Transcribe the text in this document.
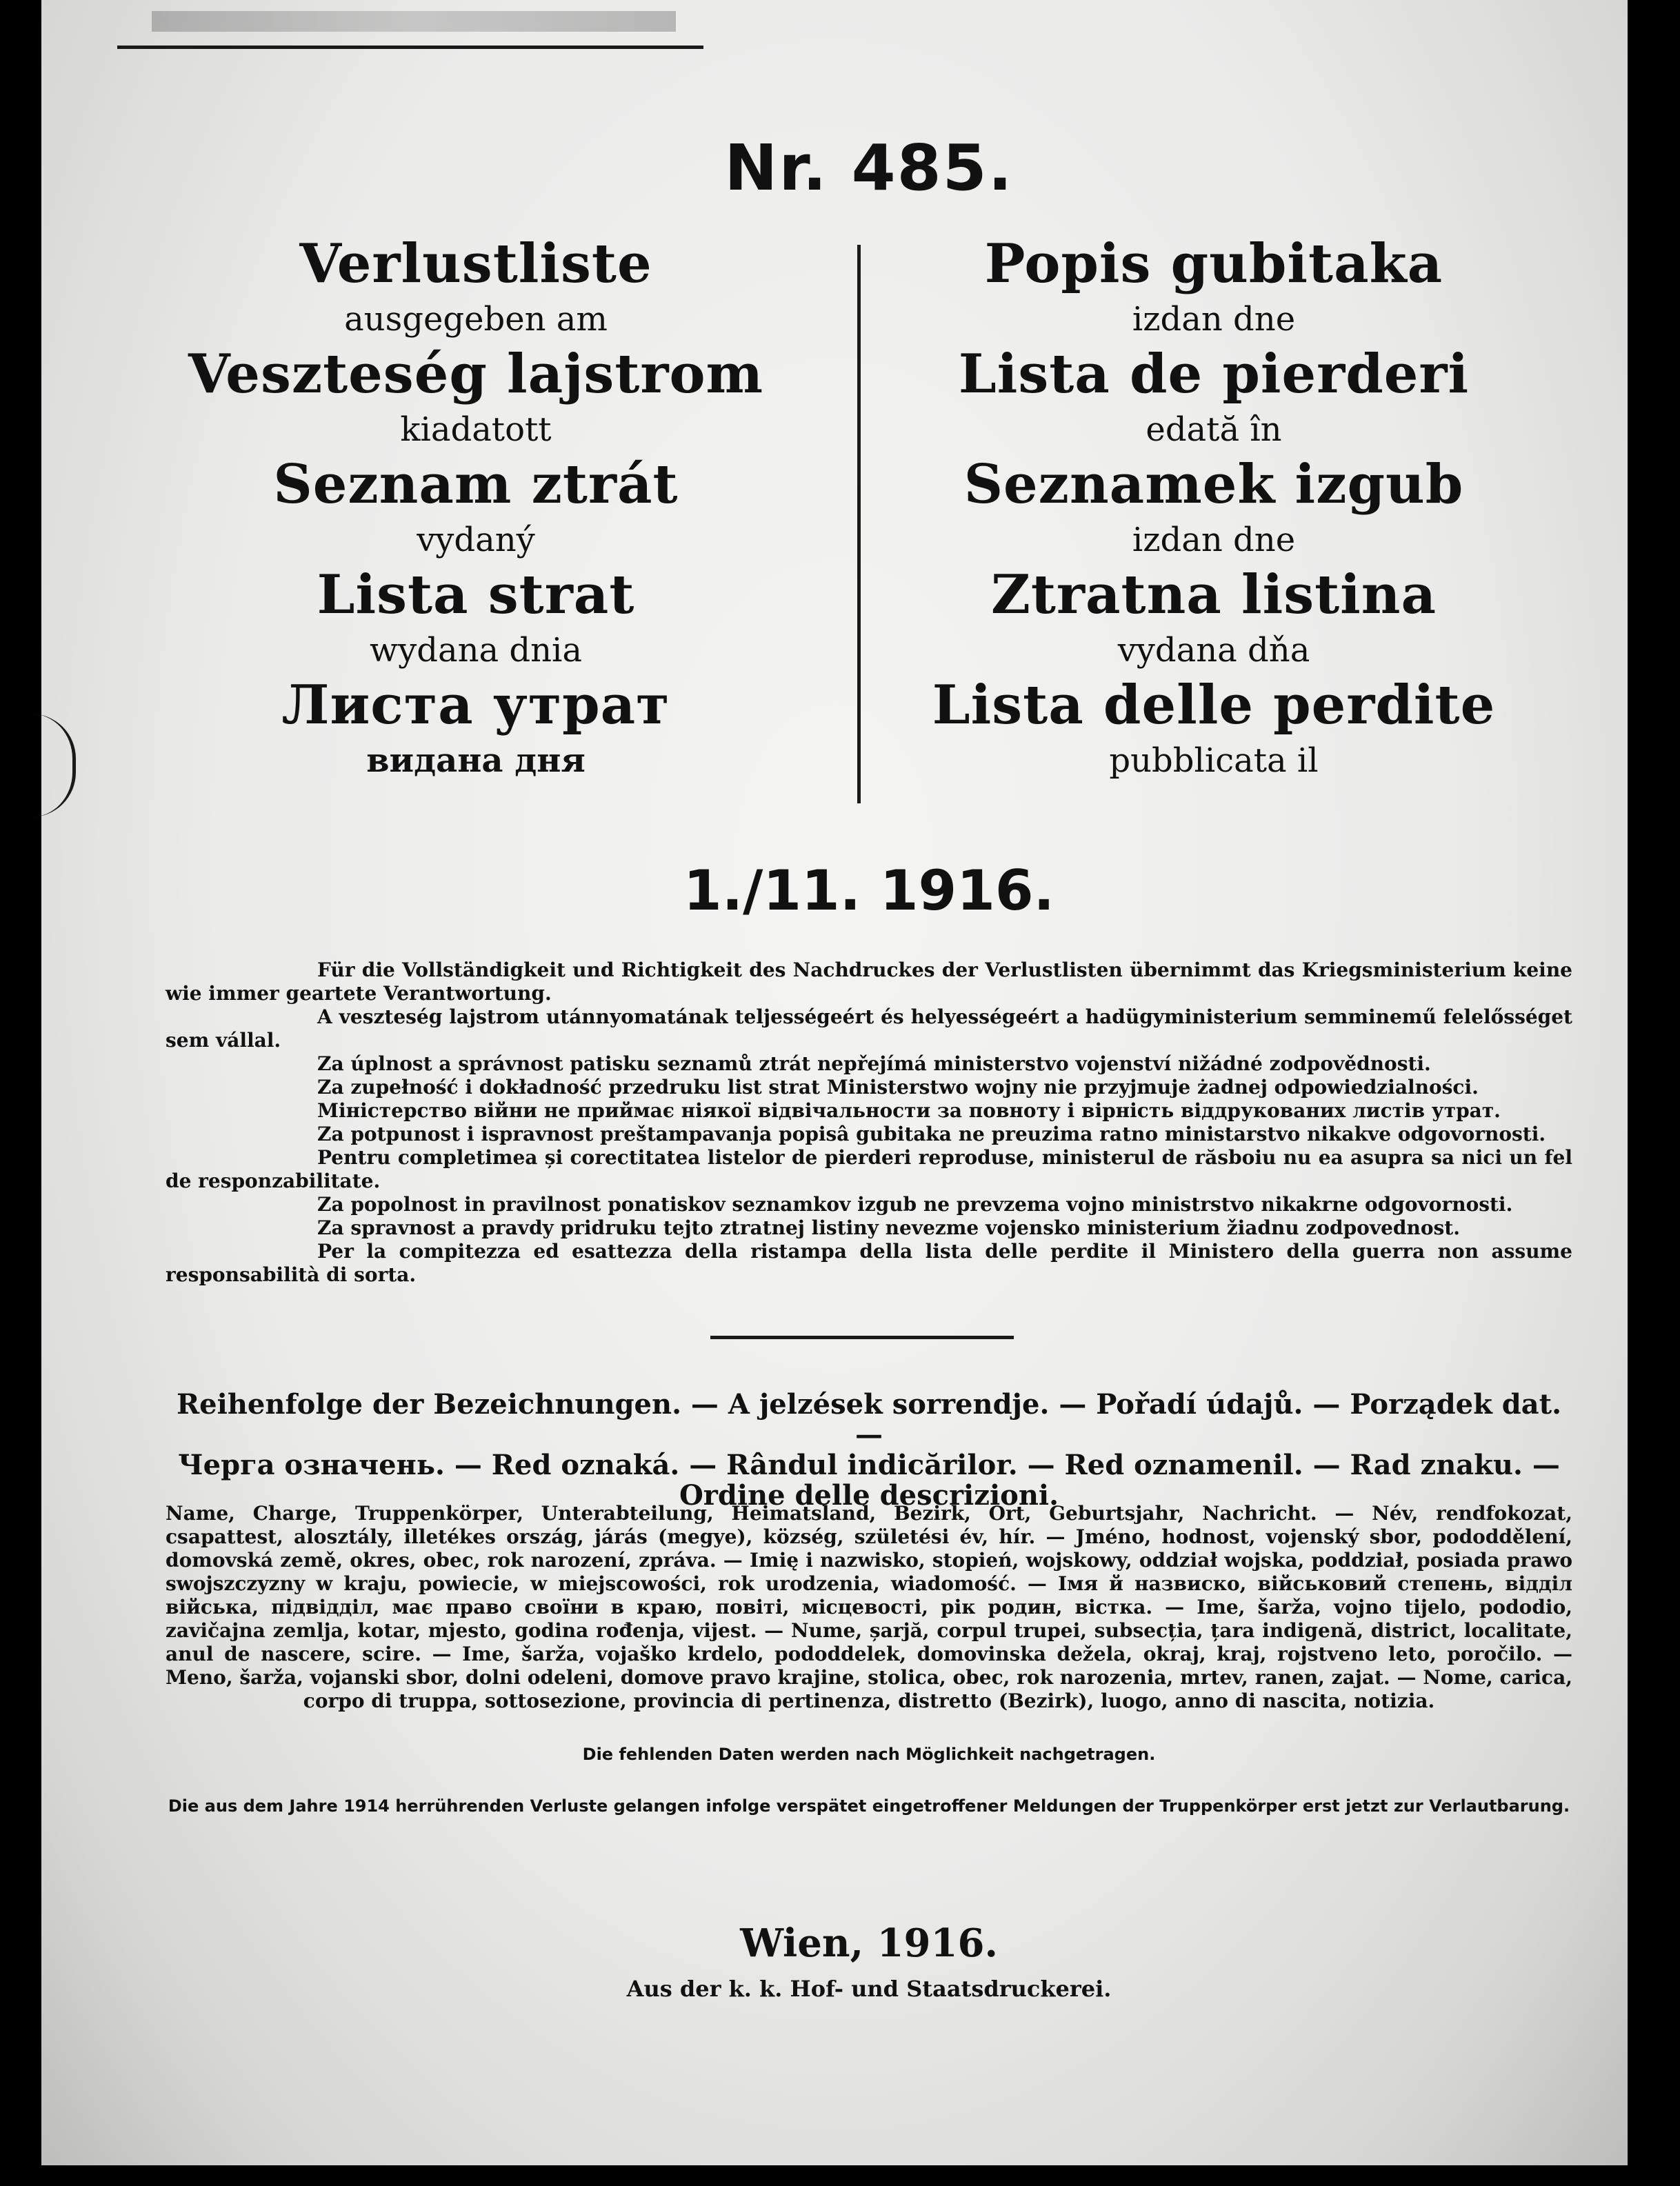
Nr. 485.
Verlustliste
ausgegeben am
Veszteség lajstrom
kiadatott
Seznam ztrát
vydaný
Lista strat
wydana dnia
Листа утрат
видана дня
Popis gubitaka
izdan dne
Lista de pierderi
edată în
Seznamek izgub
izdan dne
Ztratna listina
vydana dňa
Lista delle perdite
pubblicata il
1./11. 1916.

Für die Vollständigkeit und Richtigkeit des Nachdruckes der Verlustlisten übernimmt das Kriegsministerium keine wie immer geartete Verantwortung.

A veszteség lajstrom utánnyomatának teljességeért és helyességeért a hadügyministerium semminemű felelősséget sem vállal.

Za úplnost a správnost patisku seznamů ztrát nepřejímá ministerstvo vojenství nižádné zodpovědnosti.

Za zupełność i dokładność przedruku list strat Ministerstwo wojny nie przyjmuje żadnej odpowiedzialności.

Міністерство війни не приймає ніякої відвічальности за повноту і вірність віддрукованих листів утрат.

Za potpunost i ispravnost preštampavanja popisâ gubitaka ne preuzima ratno ministarstvo nikakve odgovornosti.

Pentru completimea și corectitatea listelor de pierderi reproduse, ministerul de răsboiu nu ea asupra sa nici un fel de responzabilitate.

Za popolnost in pravilnost ponatiskov seznamkov izgub ne prevzema vojno ministrstvo nikakrne odgovornosti.

Za spravnost a pravdy pridruku tejto ztratnej listiny nevezme vojensko ministerium žiadnu zodpovednost.

Per la compitezza ed esattezza della ristampa della lista delle perdite il Ministero della guerra non assume responsabilità di sorta.

Reihenfolge der Bezeichnungen. — A jelzések sorrendje. — Pořadí údajů. — Porządek dat. —
Черга означень. — Red oznaká. — Rândul indicărilor. — Red oznamenil. — Rad znaku. —
Ordine delle descrizioni.
Name, Charge, Truppenkörper, Unterabteilung, Heimatsland, Bezirk, Ort, Geburtsjahr, Nachricht. — Név, rendfokozat, csapattest, alosztály, illetékes ország, járás (megye), község, születési év, hír. — Jméno, hodnost, vojenský sbor, pododdělení, domovská země, okres, obec, rok narození, zpráva. — Imię i nazwisko, stopień, wojskowy, oddział wojska, poddział, posiada prawo swojszczyzny w kraju, powiecie, w miejscowości, rok urodzenia, wiadomość. — Імя й назвиско, військовий степень, відділ війська, підвідділ, має право своїни в краю, повіті, місцевості, рік родин, вістка. — Ime, šarža, vojno tijelo, pododio, zavičajna zemlja, kotar, mjesto, godina rođenja, vijest. — Nume, șarjă, corpul trupei, subsecția, țara indigenă, district, localitate, anul de nascere, scire. — Ime, šarža, vojaško krdelo, pododdelek, domovinska dežela, okraj, kraj, rojstveno leto, poročilo. — Meno, šarža, vojanski sbor, dolni odeleni, domove pravo krajine, stolica, obec, rok narozenia, mrtev, ranen, zajat. — Nome, carica, corpo di truppa, sottosezione, provincia di pertinenza, distretto (Bezirk), luogo, anno di nascita, notizia.
Die fehlenden Daten werden nach Möglichkeit nachgetragen.
Die aus dem Jahre 1914 herrührenden Verluste gelangen infolge verspätet eingetroffener Meldungen der Truppenkörper erst jetzt zur Verlautbarung.
Wien, 1916.
Aus der k. k. Hof- und Staatsdruckerei.
